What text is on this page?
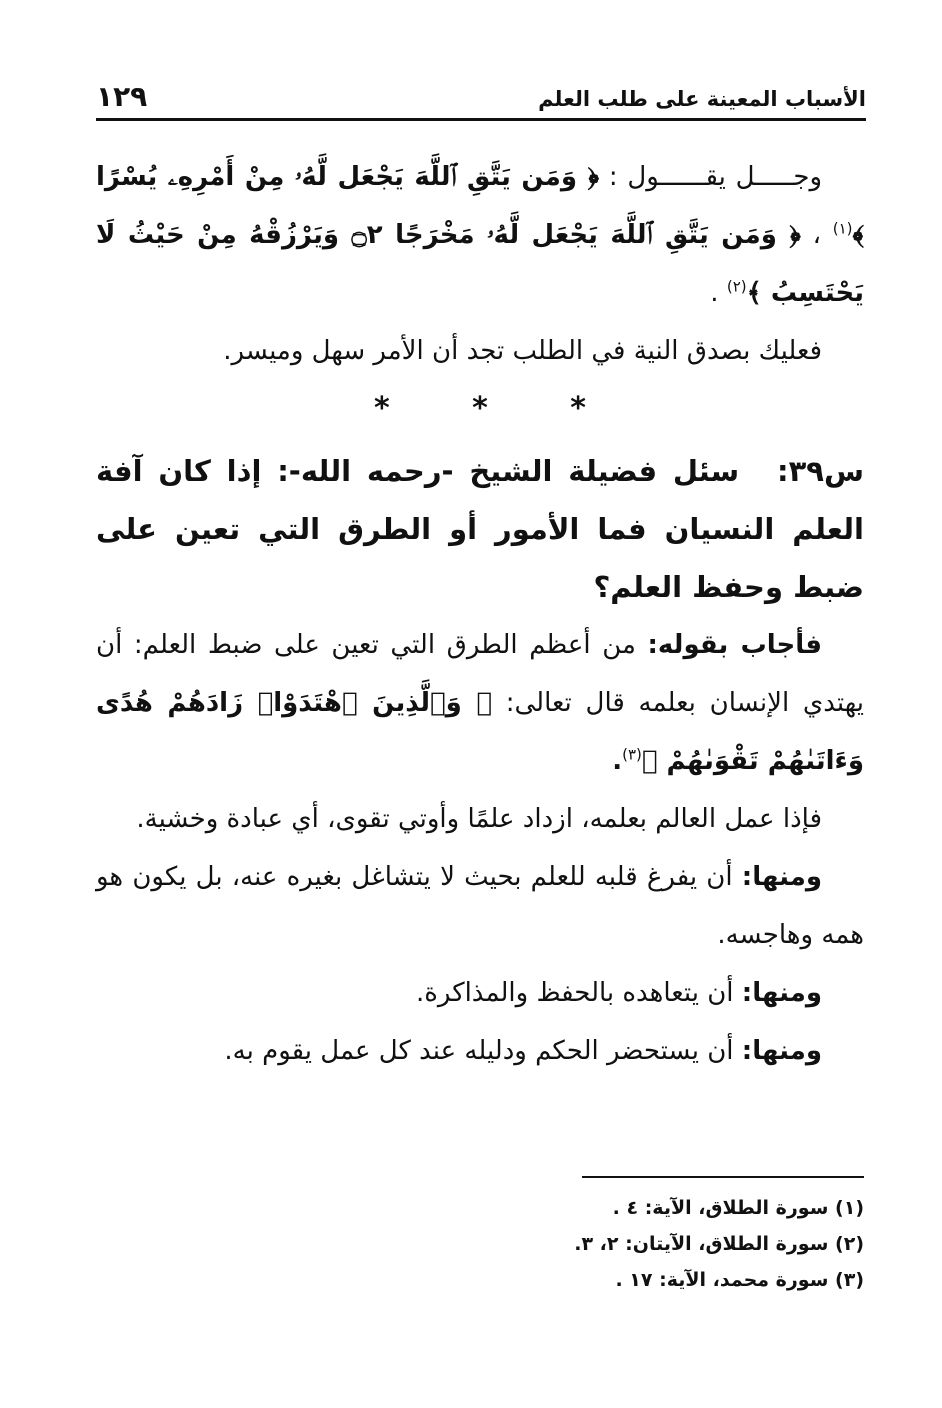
الأسباب المعينة على طلب العلم
١٢٩

وجـــــل يقــــــول : ﴿ وَمَن يَتَّقِ ٱللَّهَ يَجْعَل لَّهُۥ مِنْ أَمْرِهِۦ يُسْرًا ﴾$^{(١)}$ ، ﴿ وَمَن يَتَّقِ ٱللَّهَ يَجْعَل لَّهُۥ مَخْرَجًا ۝٢ وَيَرْزُقْهُ مِنْ حَيْثُ لَا يَحْتَسِبُ ﴾$^{(٢)}$ .

فعليك بصدق النية في الطلب تجد أن الأمر سهل وميسر.

*	*	*

س٣٩: سئل فضيلة الشيخ -رحمه الله-: إذا كان آفة العلم النسيان فما الأمور أو الطرق التي تعين على ضبط وحفظ العلم؟

فأجاب بقوله: من أعظم الطرق التي تعين على ضبط العلم: أن يهتدي الإنسان بعلمه قال تعالى: ﴿ وَٱلَّذِينَ ٱهْتَدَوْا۟ زَادَهُمْ هُدًى وَءَاتَىٰهُمْ تَقْوَىٰهُمْ ﴾$^{(٣)}$.

فإذا عمل العالم بعلمه، ازداد علمًا وأوتي تقوى، أي عبادة وخشية.

ومنها: أن يفرغ قلبه للعلم بحيث لا يتشاغل بغيره عنه، بل يكون هو همه وهاجسه.

ومنها: أن يتعاهده بالحفظ والمذاكرة.

ومنها: أن يستحضر الحكم ودليله عند كل عمل يقوم به.

(١) سورة الطلاق، الآية: ٤ .
(٢) سورة الطلاق، الآيتان: ٢، ٣.
(٣) سورة محمد، الآية: ١٧ .
